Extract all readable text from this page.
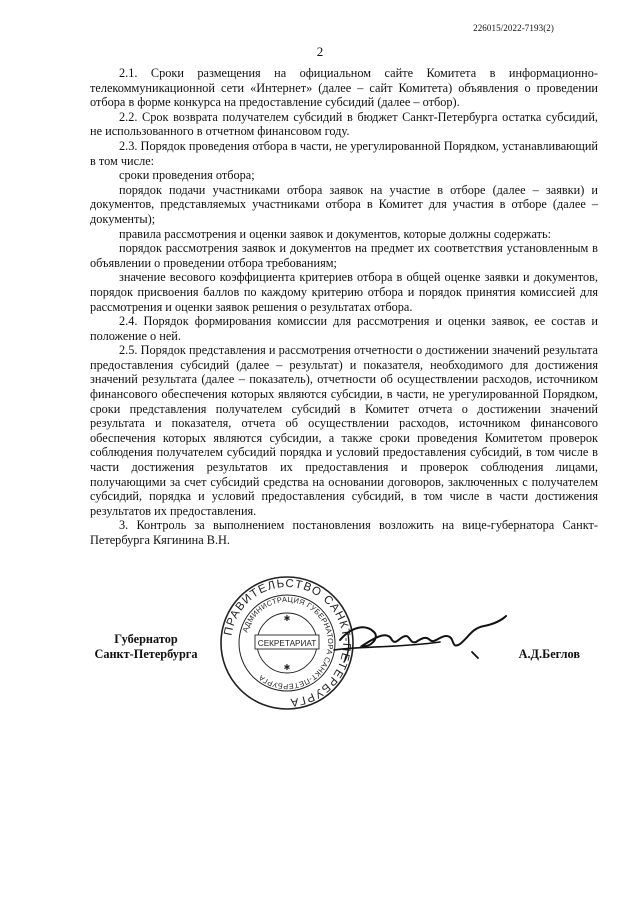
226015/2022-7193(2)
2

2.1. Сроки размещения на официальном сайте Комитета в информационно-телекоммуникационной сети «Интернет» (далее – сайт Комитета) объявления о проведении отбора в форме конкурса на предоставление субсидий (далее – отбор).

2.2. Срок возврата получателем субсидий в бюджет Санкт-Петербурга остатка субсидий, не использованного в отчетном финансовом году.

2.3. Порядок проведения отбора в части, не урегулированной Порядком, устанавливающий в том числе:

сроки проведения отбора;

порядок подачи участниками отбора заявок на участие в отборе (далее – заявки) и документов, представляемых участниками отбора в Комитет для участия в отборе (далее – документы);

правила рассмотрения и оценки заявок и документов, которые должны содержать:

порядок рассмотрения заявок и документов на предмет их соответствия установленным в объявлении о проведении отбора требованиям;

значение весового коэффициента критериев отбора в общей оценке заявки и документов, порядок присвоения баллов по каждому критерию отбора и порядок принятия комиссией для рассмотрения и оценки заявок решения о результатах отбора.

2.4. Порядок формирования комиссии для рассмотрения и оценки заявок, ее состав и положение о ней.

2.5. Порядок представления и рассмотрения отчетности о достижении значений результата предоставления субсидий (далее – результат) и показателя, необходимого для достижения значений результата (далее – показатель), отчетности об осуществлении расходов, источником финансового обеспечения которых являются субсидии, в части, не урегулированной Порядком, сроки представления получателем субсидий в Комитет отчета о достижении значений результата и показателя, отчета об осуществлении расходов, источником финансового обеспечения которых являются субсидии, а также сроки проведения Комитетом проверок соблюдения получателем субсидий порядка и условий предоставления субсидий, в том числе в части достижения результатов их предоставления и проверок соблюдения лицами, получающими за счет субсидий средства на основании договоров, заключенных с получателем субсидий, порядка и условий предоставления субсидий, в том числе в части достижения результатов их предоставления.

3. Контроль за выполнением постановления возложить на вице-губернатора Санкт-Петербурга Кягинина В.Н.

Губернатор
Санкт-Петербурга	А.Д.Беглов
ПРАВИТЕЛЬСТВО САНКТ-ПЕТЕРБУРГА
АДМИНИСТРАЦИЯ ГУБЕРНАТОРА САНКТ-ПЕТЕРБУРГА
СЕКРЕТАРИАТ
✱
✱
